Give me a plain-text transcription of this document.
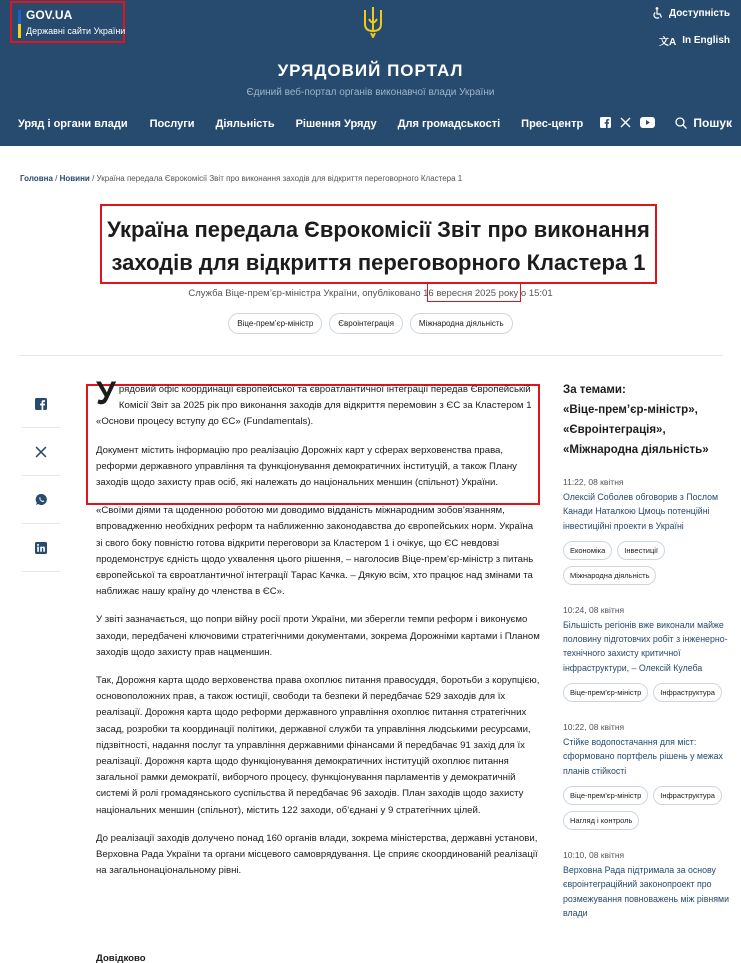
GOV.UA
Державні сайти України
Доступність
文A In English
УРЯДОВИЙ ПОРТАЛ
Єдиний веб-портал органів виконавчої влади України
Уряд і органи влади Послуги Діяльність Рішення Уряду Для громадськості Прес-центр	Пошук
Головна / Новини / Україна передала Єврокомісії Звіт про виконання заходів для відкриття переговорного Кластера 1
Україна передала Єврокомісії Звіт про виконання заходів для відкриття переговорного Кластера 1
Служба Віце-прем’єр-міністра України, опубліковано 16 вересня 2025 року о 15:01
Віце-прем’єр-міністр	Євроінтеграція	Міжнародна діяльність

Урядовий офіс координації європейської та євроатлантичної інтеграції передав Європейській Комісії Звіт за 2025 рік про виконання заходів для відкриття перемовин з ЄС за Кластером 1 «Основи процесу вступу до ЄС» (Fundamentals).

Документ містить інформацію про реалізацію Дорожніх карт у сферах верховенства права, реформи державного управління та функціонування демократичних інституцій, а також Плану заходів щодо захисту прав осіб, які належать до національних меншин (спільнот) України.

«Своїми діями та щоденною роботою ми доводимо відданість міжнародним зобов’язанням, впровадженню необхідних реформ та наближенню законодавства до європейських норм. Україна зі свого боку повністю готова відкрити переговори за Кластером 1 і очікує, що ЄС невдовзі продемонструє єдність щодо ухвалення цього рішення, – наголосив Віце-прем’єр-міністр з питань європейської та євроатлантичної інтеграції Тарас Качка. – Дякую всім, хто працює над змінами та наближає нашу країну до членства в ЄС».

У звіті зазначається, що попри війну росії проти України, ми зберегли темпи реформ і виконуємо заходи, передбачені ключовими стратегічними документами, зокрема Дорожніми картами і Планом заходів щодо захисту прав нацменшин.

Так, Дорожня карта щодо верховенства права охоплює питання правосуддя, боротьби з корупцією, основоположних прав, а також юстиції, свободи та безпеки й передбачає 529 заходів для їх реалізації. Дорожня карта щодо реформи державного управління охоплює питання стратегічних засад, розробки та координації політики, державної служби та управління людськими ресурсами, підзвітності, надання послуг та управління державними фінансами й передбачає 91 захід для їх реалізації. Дорожня карта щодо функціонування демократичних інституцій охоплює питання загальної рамки демократії, виборчого процесу, функціонування парламентів у демократичній системі й ролі громадянського суспільства й передбачає 96 заходів. План заходів щодо захисту національних меншин (спільнот), містить 122 заходи, об’єднані у 9 стратегічних цілей.

До реалізації заходів долучено понад 160 органів влади, зокрема міністерства, державні установи, Верховна Рада України та органи місцевого самоврядування. Це сприяє скоординованій реалізації на загальнонаціональному рівні.

Довідково
За темами:
«Віце-прем’єр-міністр», «Євроінтеграція», «Міжнародна діяльність»
11:22, 08 квітня
Олексій Соболев обговорив з Послом Канади Наталкою Цмоць потенційні інвестиційні проекти в Україні
Економіка	Інвестиції
Міжнародна діяльність
10:24, 08 квітня
Більшість регіонів вже виконали майже половину підготовчих робіт з інженерно-технічного захисту критичної інфраструктури, – Олексій Кулеба
Віце-прем’єр-міністр	Інфраструктура
10:22, 08 квітня
Стійке водопостачання для міст: сформовано портфель рішень у межах планів стійкості
Віце-прем’єр-міністр	Інфраструктура
Нагляд і контроль
10:10, 08 квітня
Верховна Рада підтримала за основу євроінтеграційний законопроект про розмежування повноважень між рівнями влади
